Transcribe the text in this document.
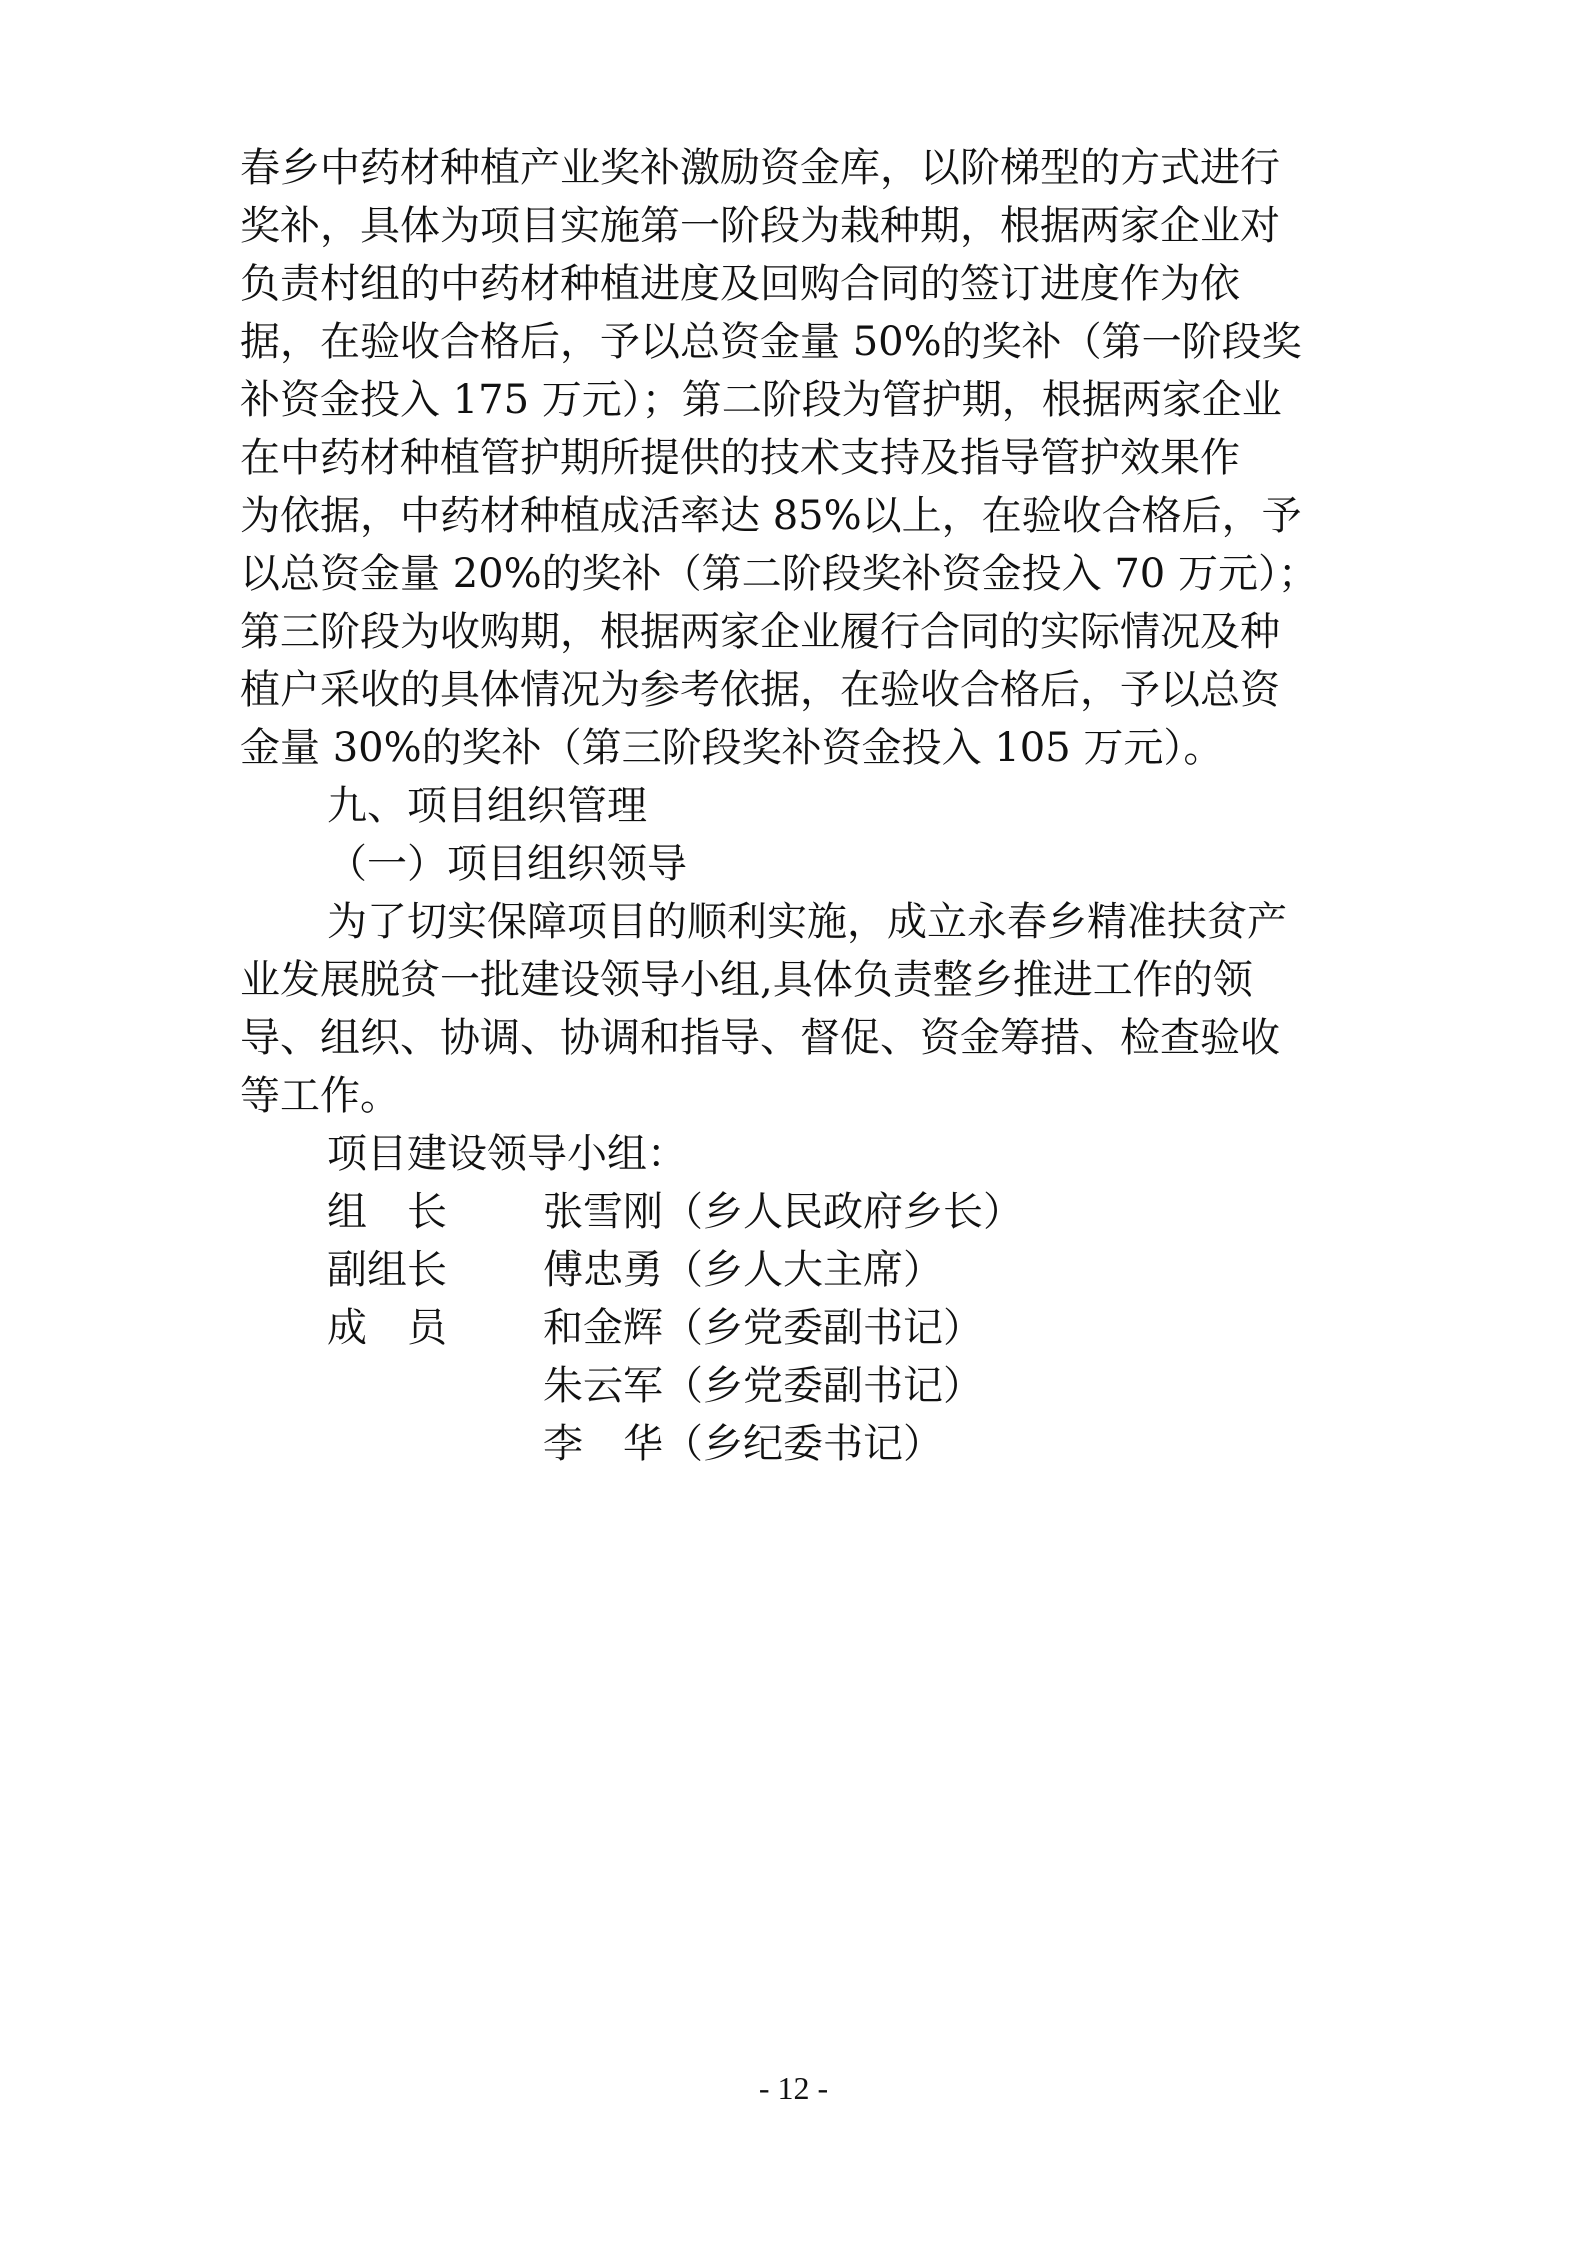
春乡中药材种植产业奖补激励资金库，以阶梯型的方式进行
奖补，具体为项目实施第一阶段为栽种期，根据两家企业对
负责村组的中药材种植进度及回购合同的签订进度作为依
据，在验收合格后，予以总资金量 50%的奖补（第一阶段奖
补资金投入 175 万元）；第二阶段为管护期，根据两家企业
在中药材种植管护期所提供的技术支持及指导管护效果作
为依据，中药材种植成活率达 85%以上，在验收合格后，予
以总资金量 20%的奖补（第二阶段奖补资金投入 70 万元）；
第三阶段为收购期，根据两家企业履行合同的实际情况及种
植户采收的具体情况为参考依据，在验收合格后，予以总资
金量 30%的奖补（第三阶段奖补资金投入 105 万元）。
九、项目组织管理
（一）项目组织领导
为了切实保障项目的顺利实施，成立永春乡精准扶贫产
业发展脱贫一批建设领导小组,具体负责整乡推进工作的领
导、组织、协调、协调和指导、督促、资金筹措、检查验收
等工作。
项目建设领导小组：
组　长 张雪刚（乡人民政府乡长）
副组长 傅忠勇（乡人大主席）
成　员 和金辉（乡党委副书记）
朱云军（乡党委副书记）
李　华（乡纪委书记）
- 12 -
